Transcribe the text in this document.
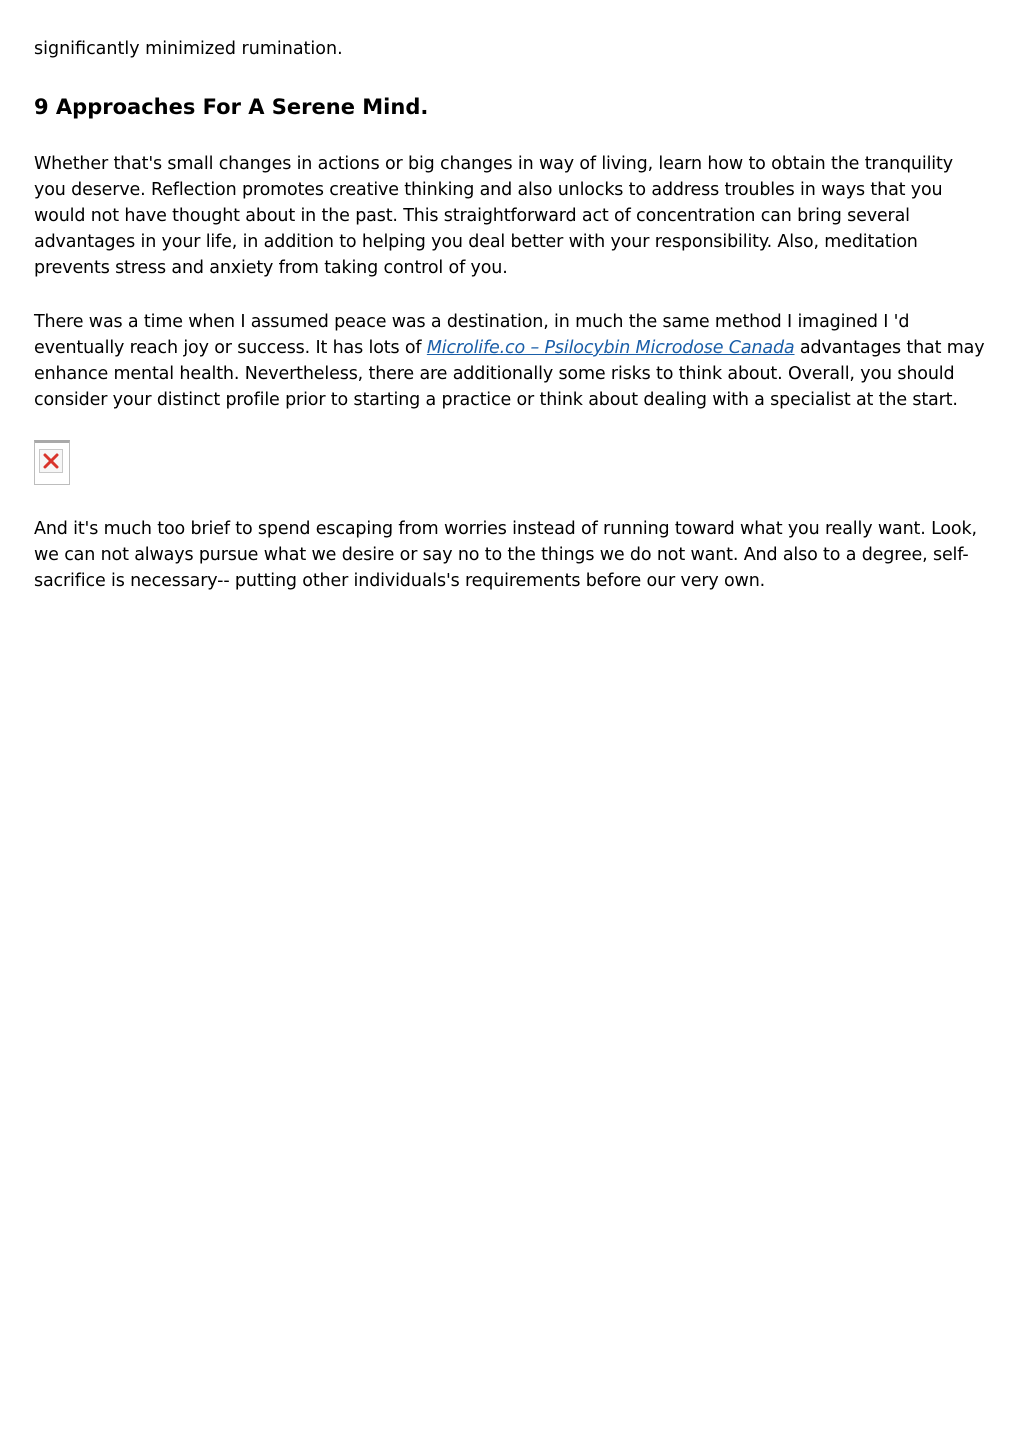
significantly minimized rumination.

9 Approaches For A Serene Mind.

Whether that's small changes in actions or big changes in way of living, learn how to obtain the tranquility you deserve. Reflection promotes creative thinking and also unlocks to address troubles in ways that you would not have thought about in the past. This straightforward act of concentration can bring several advantages in your life, in addition to helping you deal better with your responsibility. Also, meditation prevents stress and anxiety from taking control of you.

There was a time when I assumed peace was a destination, in much the same method I imagined I 'd eventually reach joy or success. It has lots of Microlife.co – Psilocybin Microdose Canada advantages that may enhance mental health. Nevertheless, there are additionally some risks to think about. Overall, you should consider your distinct profile prior to starting a practice or think about dealing with a specialist at the start.

And it's much too brief to spend escaping from worries instead of running toward what you really want. Look, we can not always pursue what we desire or say no to the things we do not want. And also to a degree, self-sacrifice is necessary-- putting other individuals's requirements before our very own.
